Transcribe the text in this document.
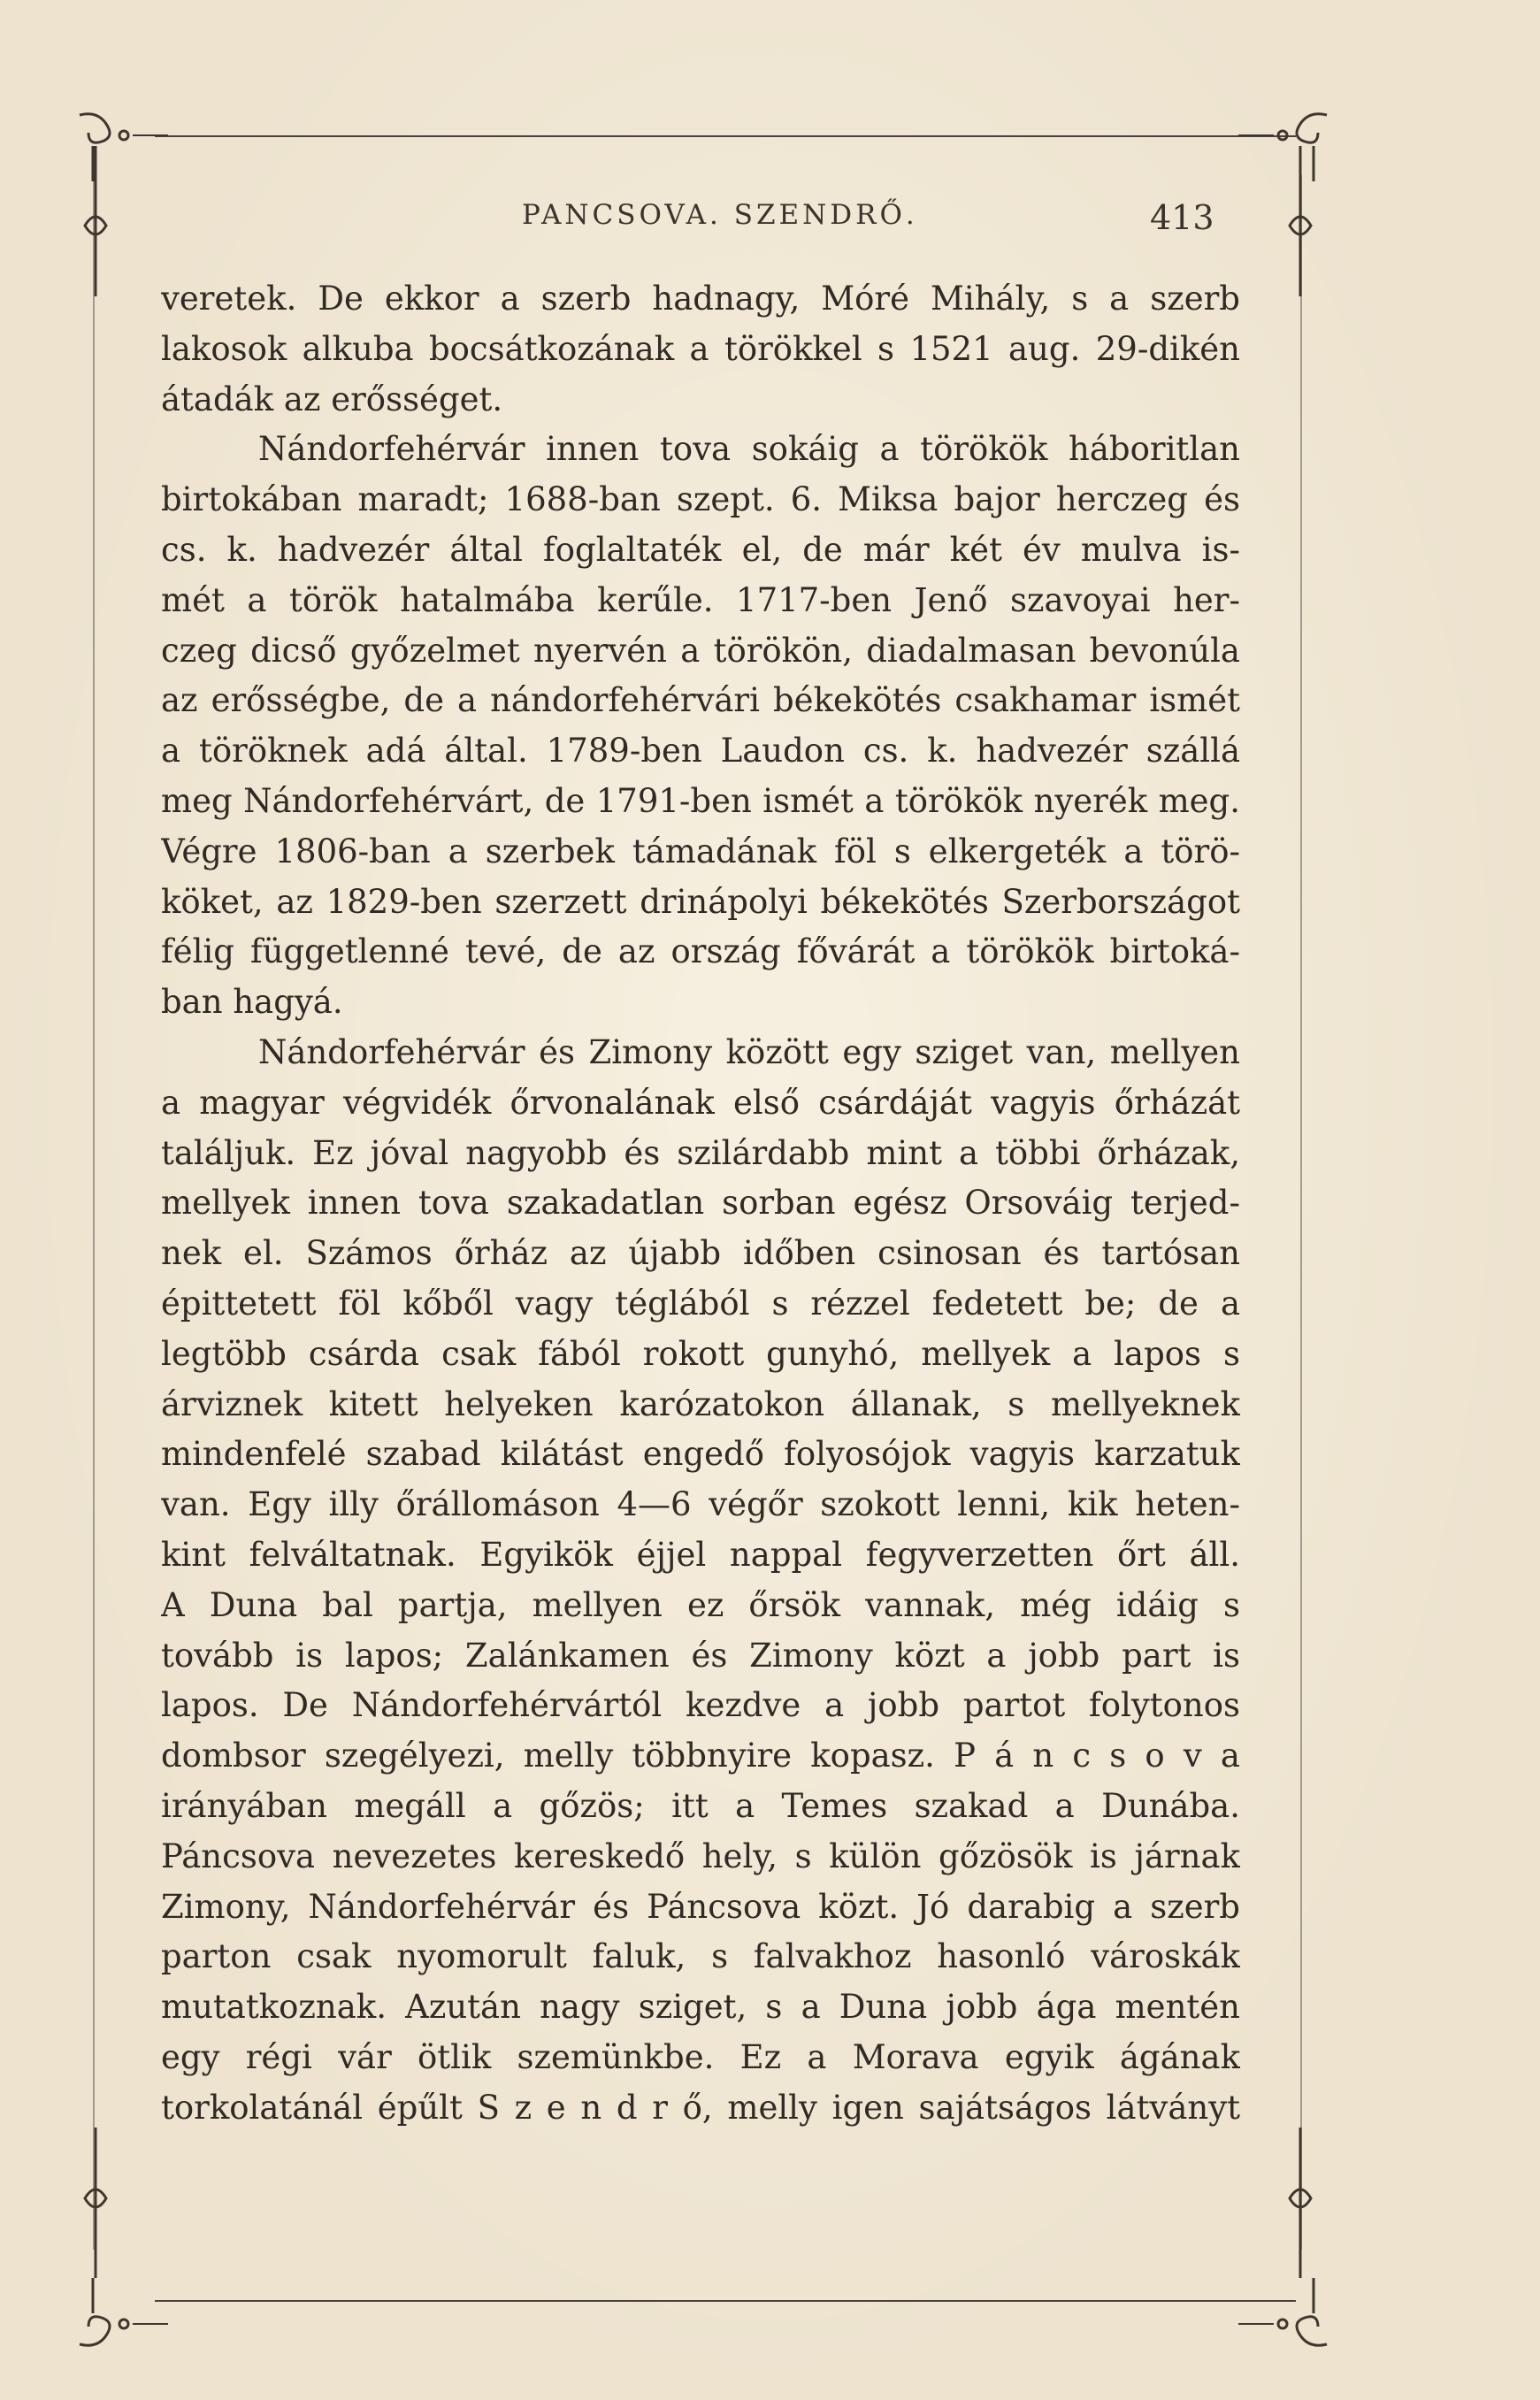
PANCSOVA. SZENDRŐ.	413
veretek. De ekkor a szerb hadnagy, Móré Mihály, s a szerb
lakosok alkuba bocsátkozának a törökkel s 1521 aug. 29-dikén
átadák az erősséget.
Nándorfehérvár innen tova sokáig a törökök háboritlan
birtokában maradt; 1688-ban szept. 6. Miksa bajor herczeg és
cs. k. hadvezér által foglaltaték el, de már két év mulva is-
mét a török hatalmába kerűle. 1717-ben Jenő szavoyai her-
czeg dicső győzelmet nyervén a törökön, diadalmasan bevonúla
az erősségbe, de a nándorfehérvári békekötés csakhamar ismét
a töröknek adá által. 1789-ben Laudon cs. k. hadvezér szállá
meg Nándorfehérvárt, de 1791-ben ismét a törökök nyerék meg.
Végre 1806-ban a szerbek támadának föl s elkergeték a törö-
köket, az 1829-ben szerzett drinápolyi békekötés Szerbországot
félig függetlenné tevé, de az ország fővárát a törökök birtoká-
ban hagyá.
Nándorfehérvár és Zimony között egy sziget van, mellyen
a magyar végvidék őrvonalának első csárdáját vagyis őrházát
találjuk. Ez jóval nagyobb és szilárdabb mint a többi őrházak,
mellyek innen tova szakadatlan sorban egész Orsováig terjed-
nek el. Számos őrház az újabb időben csinosan és tartósan
épittetett föl kőből vagy téglából s rézzel fedetett be; de a
legtöbb csárda csak fából rokott gunyhó, mellyek a lapos s
árviznek kitett helyeken karózatokon állanak, s mellyeknek
mindenfelé szabad kilátást engedő folyosójok vagyis karzatuk
van. Egy illy őrállomáson 4—6 végőr szokott lenni, kik heten-
kint felváltatnak. Egyikök éjjel nappal fegyverzetten őrt áll.
A Duna bal partja, mellyen ez őrsök vannak, még idáig s
tovább is lapos; Zalánkamen és Zimony közt a jobb part is
lapos. De Nándorfehérvártól kezdve a jobb partot folytonos
dombsor szegélyezi, melly többnyire kopasz. P á n c s o v a
irányában megáll a gőzös; itt a Temes szakad a Dunába.
Páncsova nevezetes kereskedő hely, s külön gőzösök is járnak
Zimony, Nándorfehérvár és Páncsova közt. Jó darabig a szerb
parton csak nyomorult faluk, s falvakhoz hasonló városkák
mutatkoznak. Azután nagy sziget, s a Duna jobb ága mentén
egy régi vár ötlik szemünkbe. Ez a Morava egyik ágának
torkolatánál épűlt S z e n d r ő, melly igen sajátságos látványt
